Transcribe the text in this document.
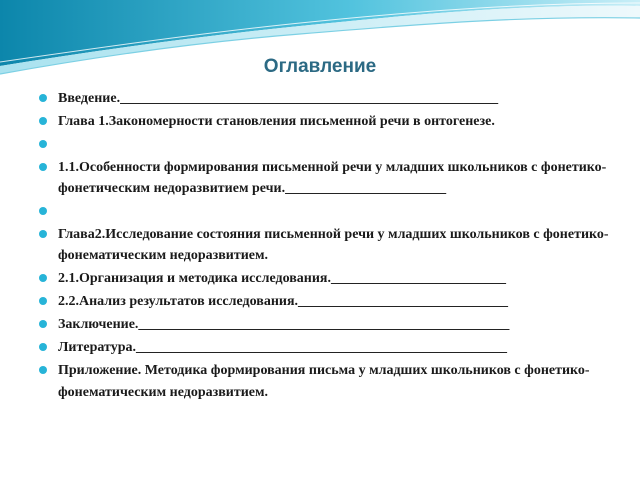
Оглавление
Введение.______________________________________________________
Глава 1.Закономерности становления письменной речи в онтогенезе.
1.1.Особенности формирования письменной речи у младших школьников с фонетико-фонетическим недоразвитием речи._______________________
Глава2.Исследование состояния письменной речи у младших школьников с фонетико-фонематическим недоразвитием.
2.1.Организация и методика исследования._________________________
2.2.Анализ результатов исследования.______________________________
Заключение._____________________________________________________
Литература._____________________________________________________
Приложение. Методика формирования письма у младших школьников с фонетико-фонематическим недоразвитием.
